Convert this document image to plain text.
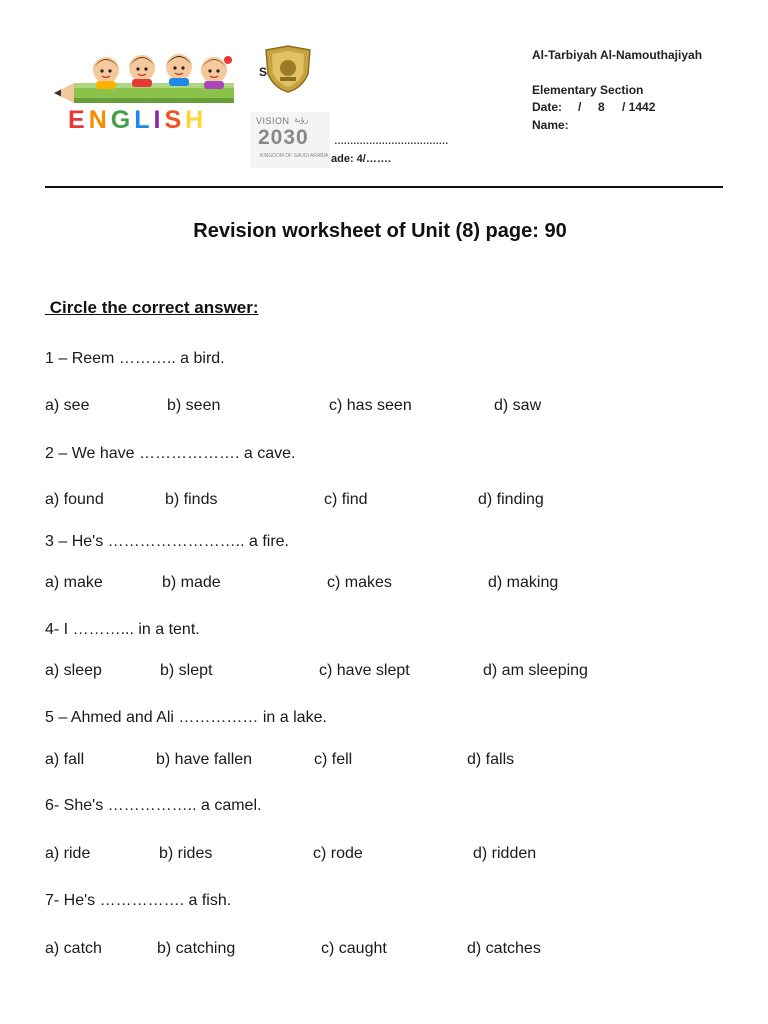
ENGLISH
S
VISION رؤية
2030
KINGDOM OF SAUDI ARABIA
………………………………
ade: 4/…….
Al-Tarbiyah Al-Namouthajiyah
Elementary Section
Date: / 8 / 1442
Name:
Revision worksheet of Unit (8) page: 90
Circle the correct answer:
1 – Reem ……….. a bird.
a) see	b) seen	c) has seen	d) saw
2 – We have ………………. a cave.
a) found	b) finds	c) find	d) finding
3 – He's …………………….. a fire.
a) make	b) made	c) makes	d) making
4- I ………... in a tent.
a) sleep	b) slept	c) have slept	d) am sleeping
5 – Ahmed and Ali …………… in a lake.
a) fall	b) have fallen	c) fell	d) falls
6- She's …………….. a camel.
a) ride	b) rides	c) rode	d) ridden
7- He's ……………. a fish.
a) catch	b) catching	c) caught	d) catches
